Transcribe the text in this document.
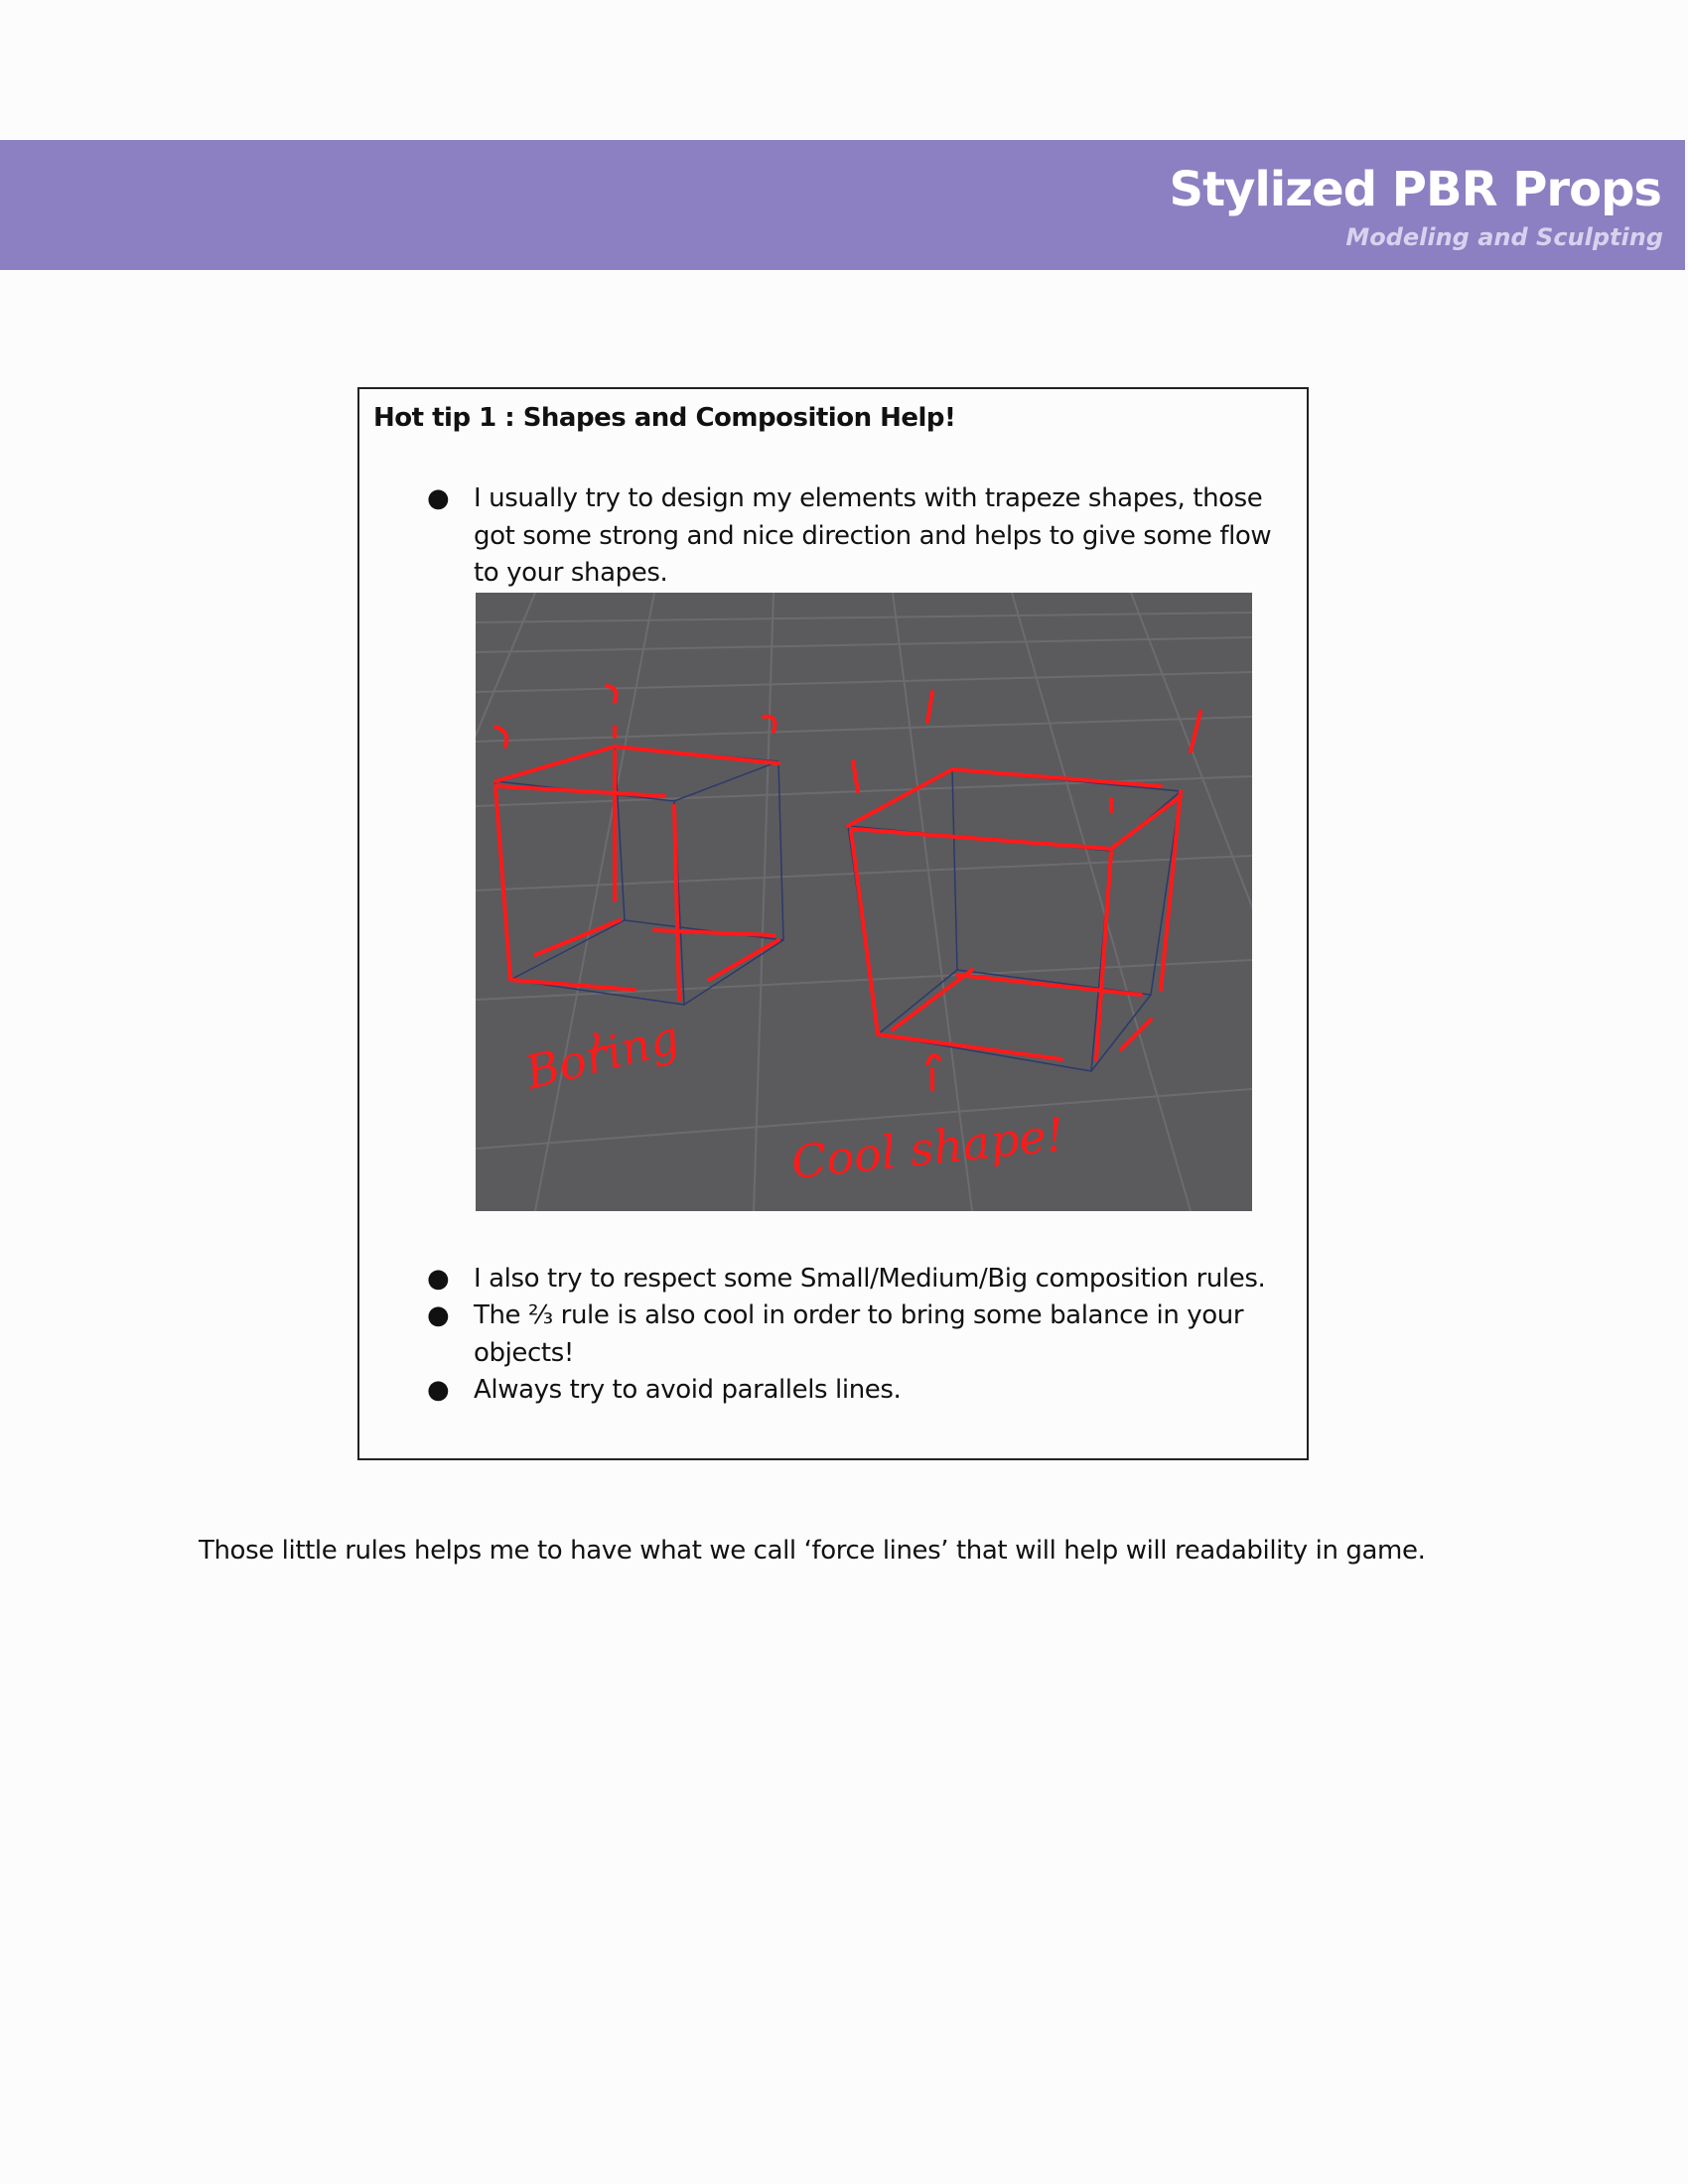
Stylized PBR Props
Modeling and Sculpting
Hot tip 1 : Shapes and Composition Help!
● I usually try to design my elements with trapeze shapes, those got some strong and nice direction and helps to give some flow to your shapes.
Boring
Cool shape!
● I also try to respect some Small/Medium/Big composition rules.
● The ⅔ rule is also cool in order to bring some balance in your objects!
● Always try to avoid parallels lines.
Those little rules helps me to have what we call ‘force lines’ that will help will readability in game.
